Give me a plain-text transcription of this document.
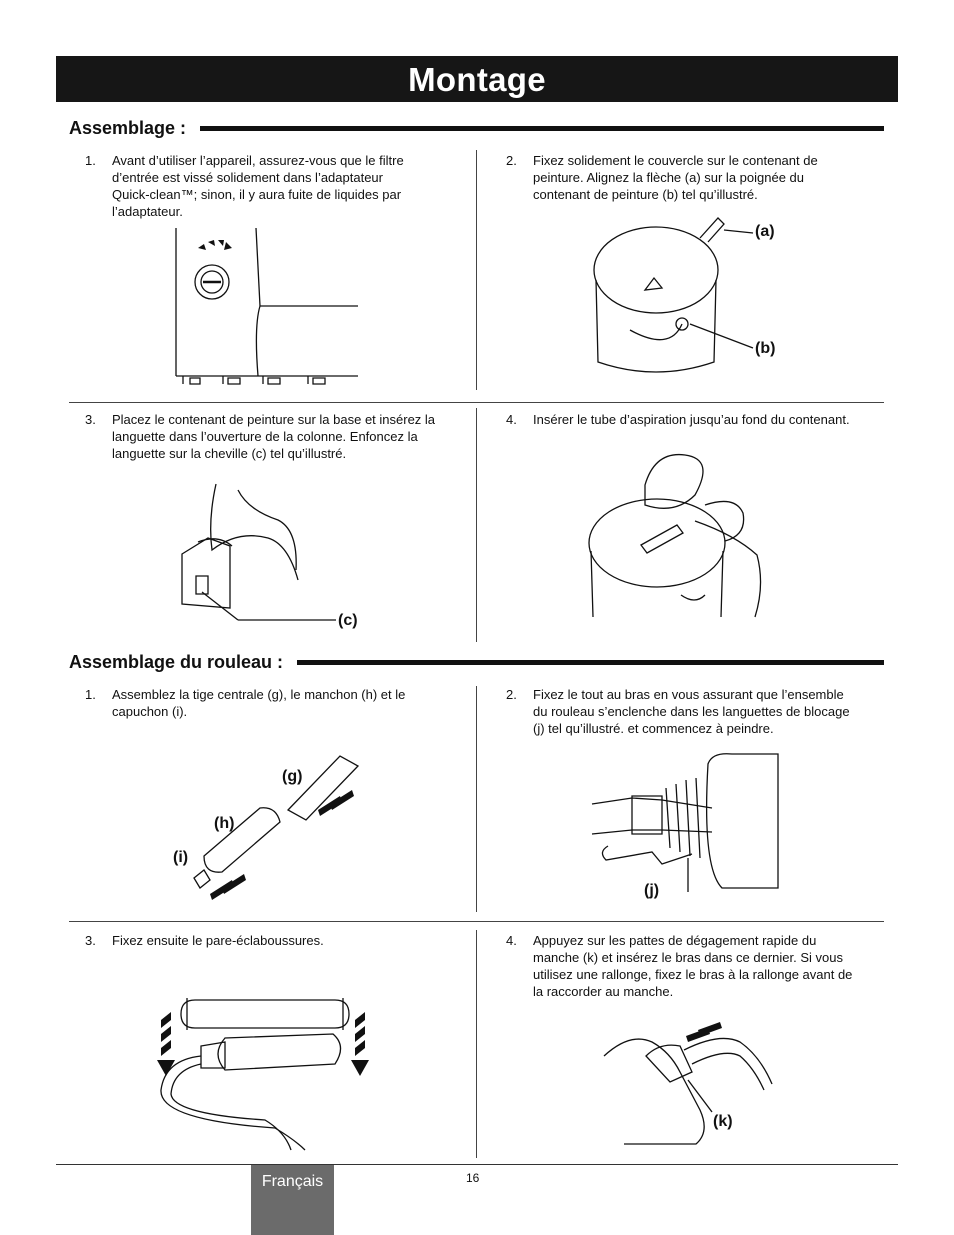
Montage
Assemblage :
1. Avant d’utiliser l’appareil, assurez-vous que le filtre
d’entrée est vissé solidement dans l’adaptateur
Quick-clean™; sinon, il y aura fuite de liquides par
l’adaptateur.
2. Fixez solidement le couvercle sur le contenant de
peinture. Alignez la flèche (a) sur la poignée du
contenant de peinture (b) tel qu’illustré.
(a)
(b)
3. Placez le contenant de peinture sur la base et insérez la
languette dans l’ouverture de la colonne. Enfoncez la
languette sur la cheville (c) tel qu’illustré.
(c)
4. Insérer le tube d’aspiration jusqu’au fond du contenant.
Assemblage du rouleau :
1. Assemblez la tige centrale (g), le manchon (h) et le
capuchon (i).
(g)
(h)
(i)
2. Fixez le tout au bras en vous assurant que l’ensemble
du rouleau s’enclenche dans les languettes de blocage
(j) tel qu’illustré. et commencez à peindre.
(j)
3. Fixez ensuite le pare-éclaboussures.	4. Appuyez sur les pattes de dégagement rapide du
manche (k) et insérez le bras dans ce dernier. Si vous
utilisez une rallonge, fixez le bras à la rallonge avant de
la raccorder au manche.
(k)
Français	16
